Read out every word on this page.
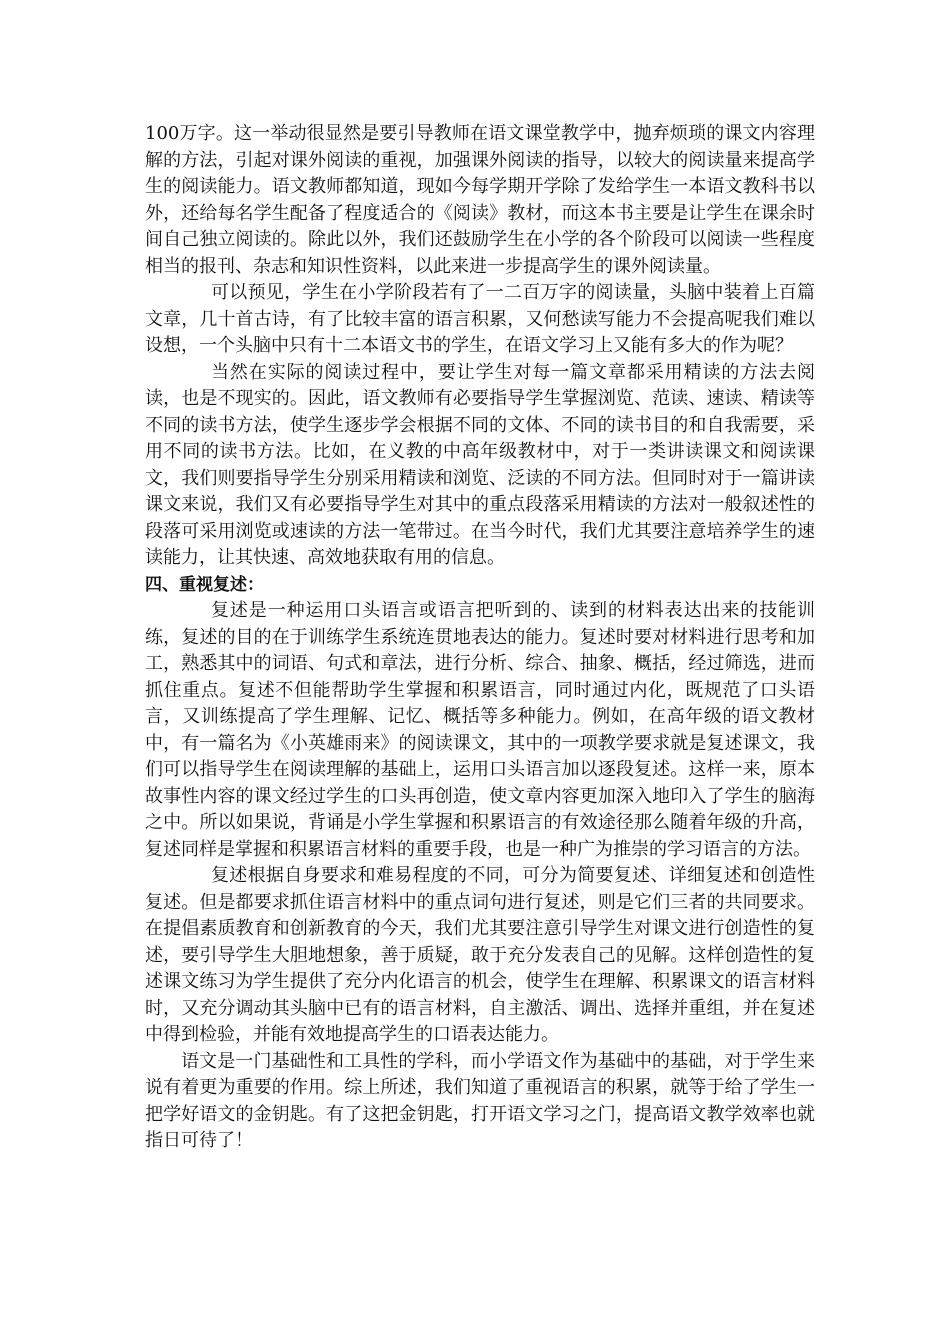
100万字。这一举动很显然是要引导教师在语文课堂教学中，抛弃烦琐的课文内容理解的方法，引起对课外阅读的重视，加强课外阅读的指导，以较大的阅读量来提高学生的阅读能力。语文教师都知道，现如今每学期开学除了发给学生一本语文教科书以外，还给每名学生配备了程度适合的《阅读》教材，而这本书主要是让学生在课余时间自己独立阅读的。除此以外，我们还鼓励学生在小学的各个阶段可以阅读一些程度相当的报刊、杂志和知识性资料，以此来进一步提高学生的课外阅读量。

可以预见，学生在小学阶段若有了一二百万字的阅读量，头脑中装着上百篇文章，几十首古诗，有了比较丰富的语言积累，又何愁读写能力不会提高呢我们难以设想，一个头脑中只有十二本语文书的学生，在语文学习上又能有多大的作为呢？

当然在实际的阅读过程中，要让学生对每一篇文章都采用精读的方法去阅读，也是不现实的。因此，语文教师有必要指导学生掌握浏览、范读、速读、精读等不同的读书方法，使学生逐步学会根据不同的文体、不同的读书目的和自我需要，采用不同的读书方法。比如，在义教的中高年级教材中，对于一类讲读课文和阅读课文，我们则要指导学生分别采用精读和浏览、泛读的不同方法。但同时对于一篇讲读课文来说，我们又有必要指导学生对其中的重点段落采用精读的方法对一般叙述性的段落可采用浏览或速读的方法一笔带过。在当今时代，我们尤其要注意培养学生的速读能力，让其快速、高效地获取有用的信息。

四、重视复述：

复述是一种运用口头语言或语言把听到的、读到的材料表达出来的技能训练，复述的目的在于训练学生系统连贯地表达的能力。复述时要对材料进行思考和加工，熟悉其中的词语、句式和章法，进行分析、综合、抽象、概括，经过筛选，进而抓住重点。复述不但能帮助学生掌握和积累语言，同时通过内化，既规范了口头语言，又训练提高了学生理解、记忆、概括等多种能力。例如，在高年级的语文教材中，有一篇名为《小英雄雨来》的阅读课文，其中的一项教学要求就是复述课文，我们可以指导学生在阅读理解的基础上，运用口头语言加以逐段复述。这样一来，原本故事性内容的课文经过学生的口头再创造，使文章内容更加深入地印入了学生的脑海之中。所以如果说，背诵是小学生掌握和积累语言的有效途径那么随着年级的升高，复述同样是掌握和积累语言材料的重要手段，也是一种广为推崇的学习语言的方法。

复述根据自身要求和难易程度的不同，可分为简要复述、详细复述和创造性复述。但是都要求抓住语言材料中的重点词句进行复述，则是它们三者的共同要求。在提倡素质教育和创新教育的今天，我们尤其要注意引导学生对课文进行创造性的复述，要引导学生大胆地想象，善于质疑，敢于充分发表自己的见解。这样创造性的复述课文练习为学生提供了充分内化语言的机会，使学生在理解、积累课文的语言材料时，又充分调动其头脑中已有的语言材料，自主激活、调出、选择并重组，并在复述中得到检验，并能有效地提高学生的口语表达能力。

语文是一门基础性和工具性的学科，而小学语文作为基础中的基础，对于学生来说有着更为重要的作用。综上所述，我们知道了重视语言的积累，就等于给了学生一把学好语文的金钥匙。有了这把金钥匙，打开语文学习之门，提高语文教学效率也就指日可待了！
